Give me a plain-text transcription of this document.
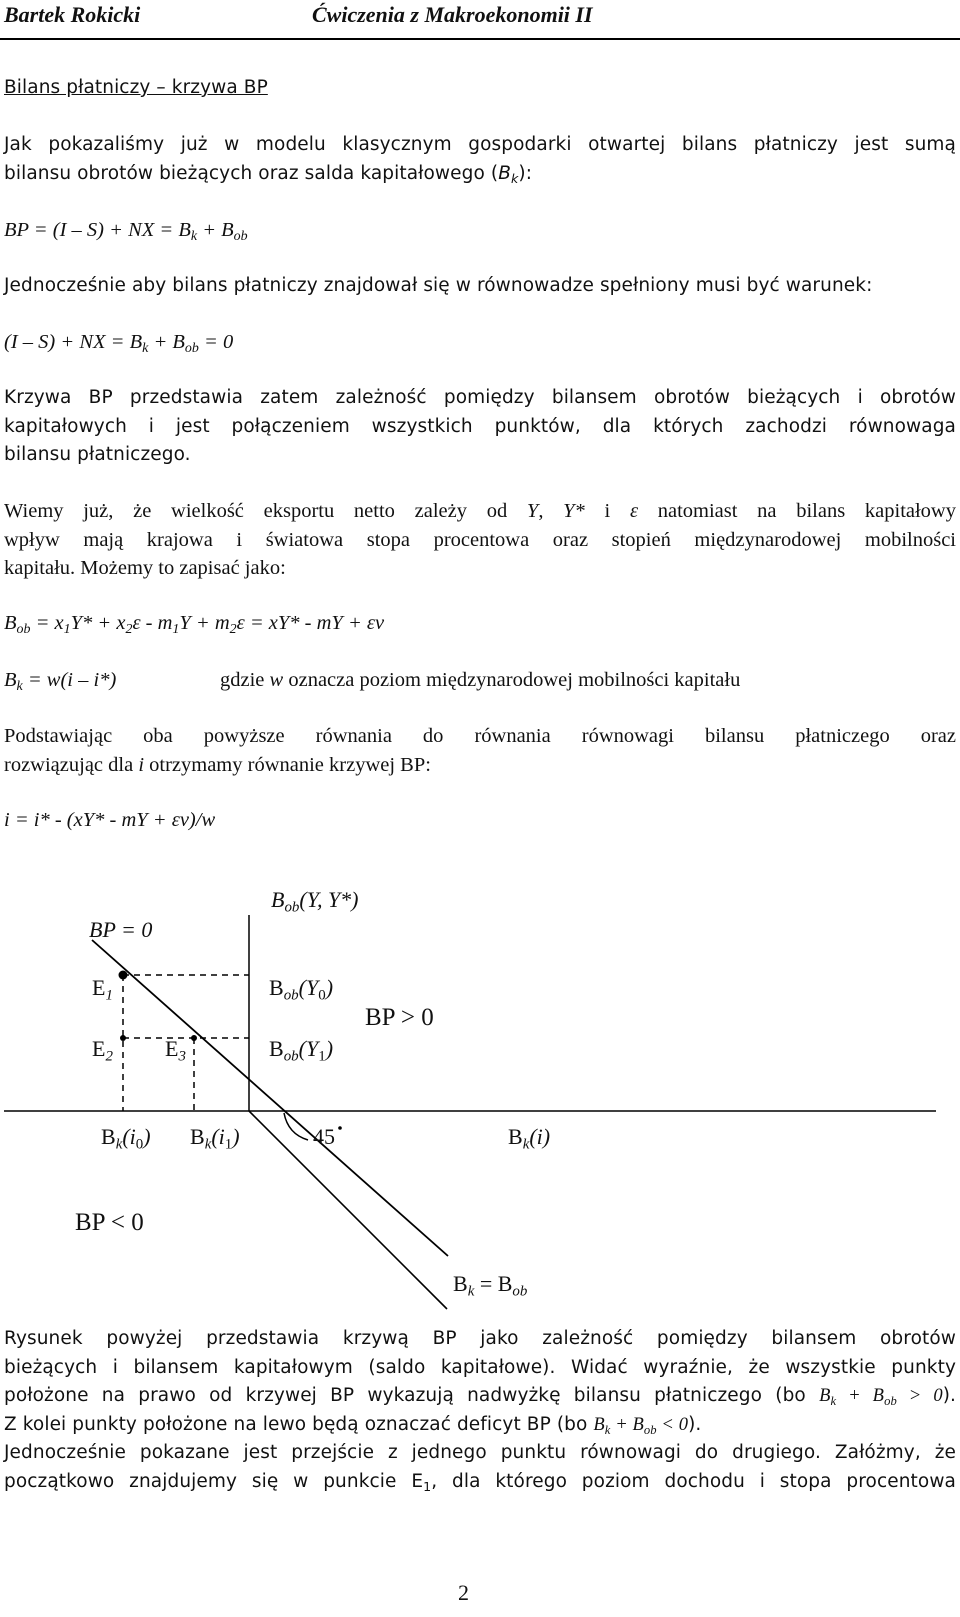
Bartek Rokicki	Ćwiczenia z Makroekonomii II
Bilans płatniczy – krzywa BP
Jak pokazaliśmy już w modelu klasycznym gospodarki otwartej bilans płatniczy jest sumą
bilansu obrotów bieżących oraz salda kapitałowego $(B_k)$:
BP = (I – S) + NX = $B_k + B_{ob}$
Jednocześnie aby bilans płatniczy znajdował się w równowadze spełniony musi być warunek:
(I – S) + NX = $B_k + B_{ob} = 0$
Krzywa BP przedstawia zatem zależność pomiędzy bilansem obrotów bieżących i obrotów
kapitałowych i jest połączeniem wszystkich punktów, dla których zachodzi równowaga
bilansu płatniczego.
Wiemy już, że wielkość eksportu netto zależy od Y, Y* i ε natomiast na bilans kapitałowy
wpływ mają krajowa i światowa stopa procentowa oraz stopień międzynarodowej mobilności
kapitału. Możemy to zapisać jako:
$B_{ob} = x_1Y* + x_2\varepsilon - m_1Y + m_2\varepsilon = xY*$ - mY + εv
$B_k = w(i - i*)$	gdzie w oznacza poziom międzynarodowej mobilności kapitału
Podstawiając oba powyższe równania do równania równowagi bilansu płatniczego oraz
rozwiązując dla i otrzymamy równanie krzywej BP:
i = i* - (xY* - mY + εv)/w
$B_{ob}(Y$, Y*)
BP = 0
$E_1$
$E_2$ $E_3$
$B_{ob}(Y_0)$
$B_{ob}(Y_1)$
BP > 0
$B_k(i_0)$ $B_k(i_1)$	45	$B_k(i)$
BP < 0
$B_k = B_{ob}$
Rysunek powyżej przedstawia krzywą BP jako zależność pomiędzy bilansem obrotów
bieżących i bilansem kapitałowym (saldo kapitałowe). Widać wyraźnie, że wszystkie punkty
położone na prawo od krzywej BP wykazują nadwyżkę bilansu płatniczego (bo $B_k + B_{ob} > 0$).
Z kolei punkty położone na lewo będą oznaczać deficyt BP (bo $B_k + B_{ob} < 0$).
Jednocześnie pokazane jest przejście z jednego punktu równowagi do drugiego. Załóżmy, że
początkowo znajdujemy się w punkcie $E_1$, dla którego poziom dochodu i stopa procentowa
2
